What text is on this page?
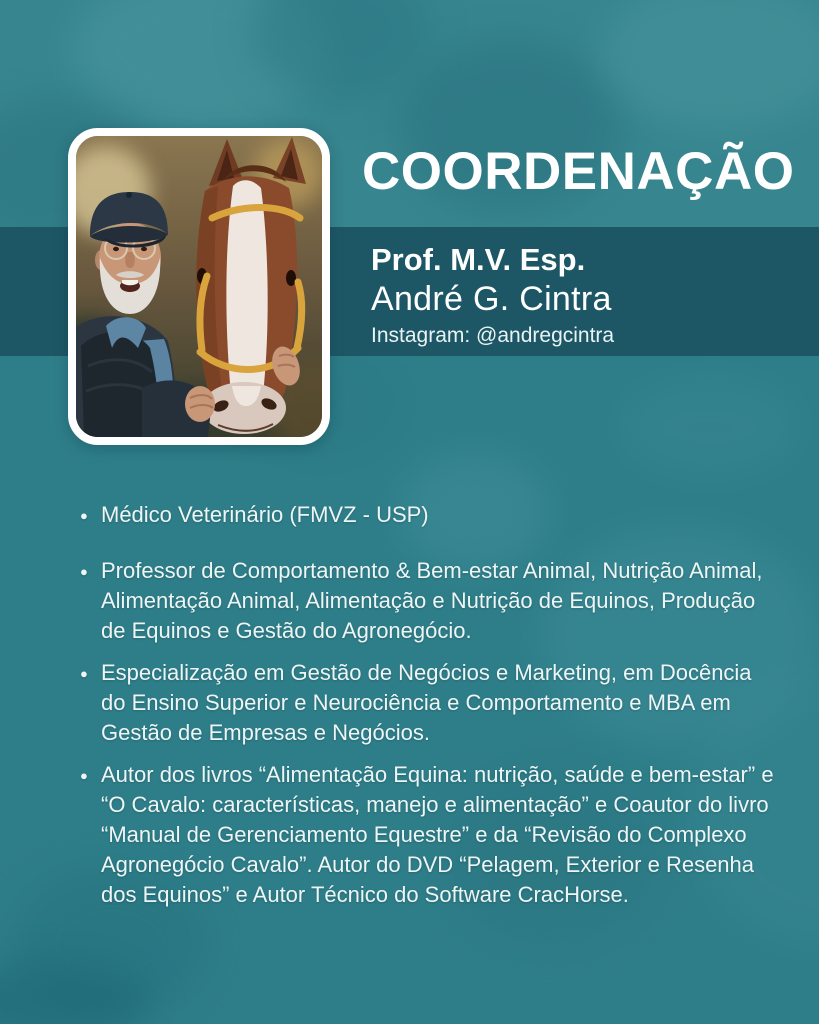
COORDENAÇÃO
Prof. M.V. Esp.
André G. Cintra
Instagram: @andregcintra
● Médico Veterinário (FMVZ - USP)
● Professor de Comportamento & Bem-estar Animal, Nutrição Animal, Alimentação Animal, Alimentação e Nutrição de Equinos, Produção de Equinos e Gestão do Agronegócio.
● Especialização em Gestão de Negócios e Marketing, em Docência do Ensino Superior e Neurociência e Comportamento e MBA em Gestão de Empresas e Negócios.
● Autor dos livros “Alimentação Equina: nutrição, saúde e bem-estar” e “O Cavalo: características, manejo e alimentação” e Coautor do livro “Manual de Gerenciamento Equestre” e da “Revisão do Complexo Agronegócio Cavalo”. Autor do DVD “Pelagem, Exterior e Resenha dos Equinos” e Autor Técnico do Software CracHorse.
